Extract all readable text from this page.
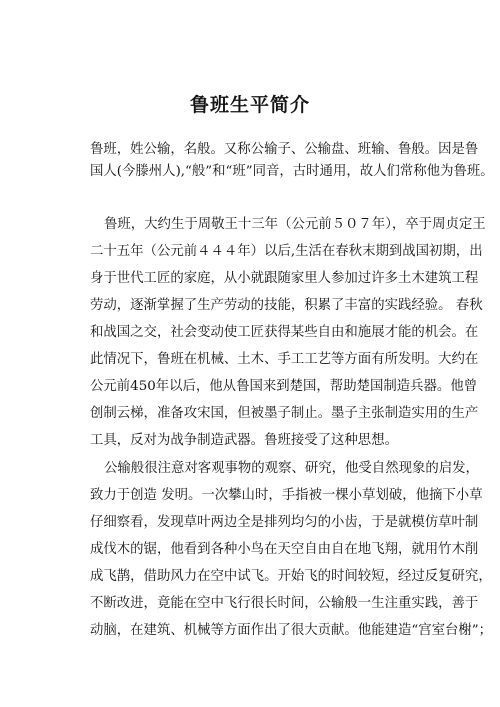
鲁班生平简介
鲁班，姓公输，名般。又称公输子、公输盘、班输、鲁般。因是鲁
国人(今滕州人),“般”和“班”同音，古时通用，故人们常称他为鲁班。
鲁班，大约生于周敬王十三年（公元前５０７年），卒于周贞定王
二十五年（公元前４４４年）以后,生活在春秋末期到战国初期，出
身于世代工匠的家庭，从小就跟随家里人参加过许多土木建筑工程
劳动，逐渐掌握了生产劳动的技能，积累了丰富的实践经验。 春秋
和战国之交，社会变动使工匠获得某些自由和施展才能的机会。在
此情况下，鲁班在机械、土木、手工工艺等方面有所发明。大约在
公元前450年以后，他从鲁国来到楚国，帮助楚国制造兵器。他曾
创制云梯，准备攻宋国，但被墨子制止。墨子主张制造实用的生产
工具，反对为战争制造武器。鲁班接受了这种思想。
公输般很注意对客观事物的观察、研究，他受自然现象的启发，
致力于创造 发明。一次攀山时，手指被一棵小草划破，他摘下小草
仔细察看，发现草叶两边全是排列均匀的小齿，于是就模仿草叶制
成伐木的锯，他看到各种小鸟在天空自由自在地飞翔，就用竹木削
成飞鹊，借助风力在空中试飞。开始飞的时间较短，经过反复研究，
不断改进，竟能在空中飞行很长时间，公输般一生注重实践，善于
动脑，在建筑、机械等方面作出了很大贡献。他能建造“宫室台榭”；
